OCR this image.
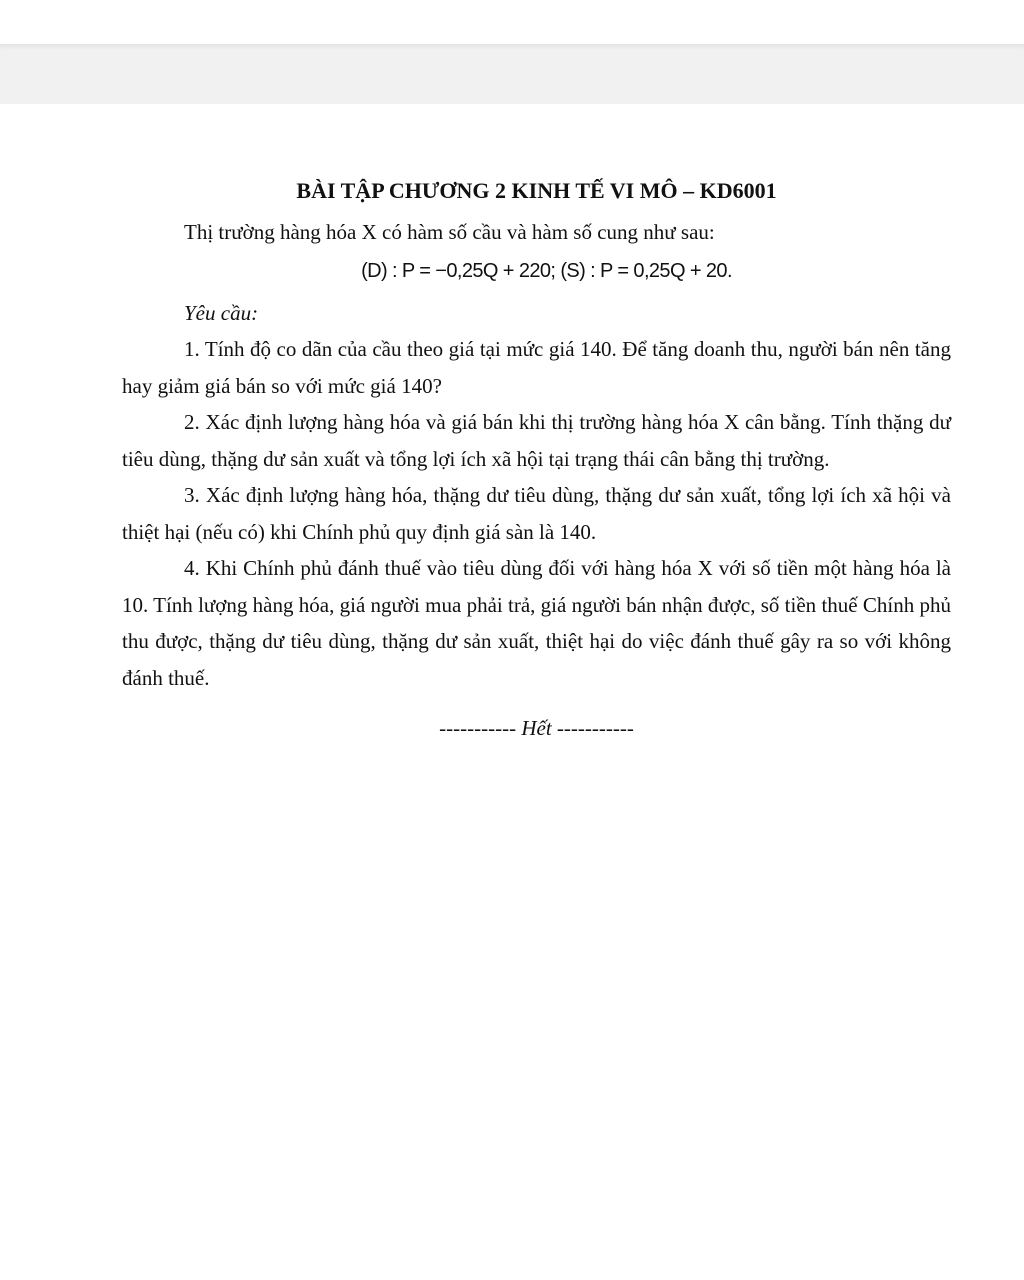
BÀI TẬP CHƯƠNG 2 KINH TẾ VI MÔ – KD6001

Thị trường hàng hóa X có hàm số cầu và hàm số cung như sau:

(D) : P = −0,25Q + 220; (S) : P = 0,25Q + 20.

Yêu cầu:

1. Tính độ co dãn của cầu theo giá tại mức giá 140. Để tăng doanh thu, người bán nên tăng hay giảm giá bán so với mức giá 140?

2. Xác định lượng hàng hóa và giá bán khi thị trường hàng hóa X cân bằng. Tính thặng dư tiêu dùng, thặng dư sản xuất và tổng lợi ích xã hội tại trạng thái cân bằng thị trường.

3. Xác định lượng hàng hóa, thặng dư tiêu dùng, thặng dư sản xuất, tổng lợi ích xã hội và thiệt hại (nếu có) khi Chính phủ quy định giá sàn là 140.

4. Khi Chính phủ đánh thuế vào tiêu dùng đối với hàng hóa X với số tiền một hàng hóa là 10. Tính lượng hàng hóa, giá người mua phải trả, giá người bán nhận được, số tiền thuế Chính phủ thu được, thặng dư tiêu dùng, thặng dư sản xuất, thiệt hại do việc đánh thuế gây ra so với không đánh thuế.

----------- Hết -----------
